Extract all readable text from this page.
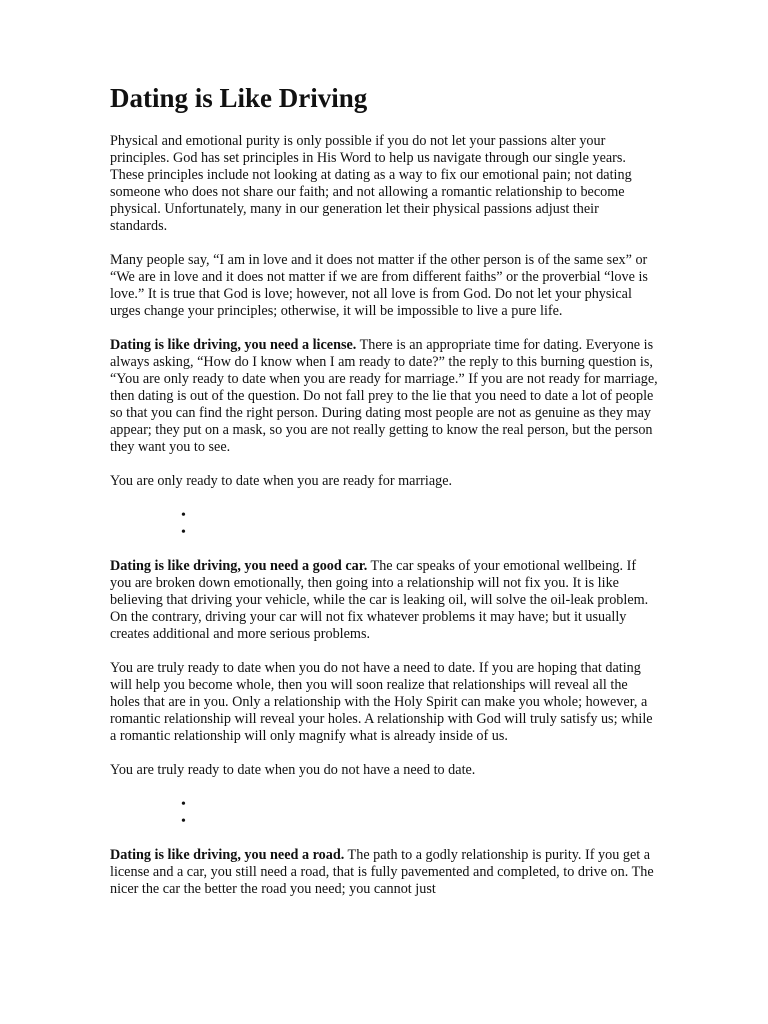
Dating is Like Driving

Physical and emotional purity is only possible if you do not let your passions alter your principles. God has set principles in His Word to help us navigate through our single years. These principles include not looking at dating as a way to fix our emotional pain; not dating someone who does not share our faith; and not allowing a romantic relationship to become physical. Unfortunately, many in our generation let their physical passions adjust their standards.

Many people say, “I am in love and it does not matter if the other person is of the same sex” or “We are in love and it does not matter if we are from different faiths” or the proverbial “love is love.” It is true that God is love; however, not all love is from God. Do not let your physical urges change your principles; otherwise, it will be impossible to live a pure life.

Dating is like driving, you need a license. There is an appropriate time for dating. Everyone is always asking, “How do I know when I am ready to date?” the reply to this burning question is, “You are only ready to date when you are ready for marriage.” If you are not ready for marriage, then dating is out of the question. Do not fall prey to the lie that you need to date a lot of people so that you can find the right person. During dating most people are not as genuine as they may appear; they put on a mask, so you are not really getting to know the real person, but the person they want you to see.

You are only ready to date when you are ready for marriage.

•
•

Dating is like driving, you need a good car. The car speaks of your emotional wellbeing. If you are broken down emotionally, then going into a relationship will not fix you. It is like believing that driving your vehicle, while the car is leaking oil, will solve the oil-leak problem. On the contrary, driving your car will not fix whatever problems it may have; but it usually creates additional and more serious problems.

You are truly ready to date when you do not have a need to date. If you are hoping that dating will help you become whole, then you will soon realize that relationships will reveal all the holes that are in you. Only a relationship with the Holy Spirit can make you whole; however, a romantic relationship will reveal your holes. A relationship with God will truly satisfy us; while a romantic relationship will only magnify what is already inside of us.

You are truly ready to date when you do not have a need to date.

•
•

Dating is like driving, you need a road. The path to a godly relationship is purity. If you get a license and a car, you still need a road, that is fully pavemented and completed, to drive on. The nicer the car the better the road you need; you cannot just
